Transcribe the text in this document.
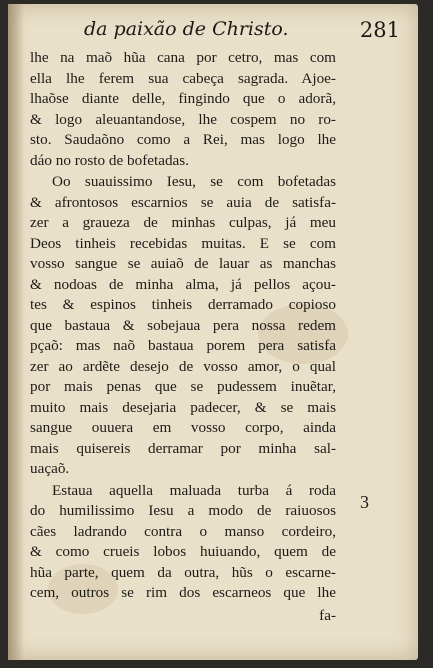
da paixão de Christo.	281
lhe na maõ hũa cana por cetro, mas com
ella lhe ferem sua cabeça sagrada. Ajoe-
lhaõse diante delle, fingindo que o adorã,
& logo aleuantandose, lhe cospem no ro-
sto. Saudaõno como a Rei, mas logo lhe
dáo no rosto de bofetadas.
Oo suauissimo Iesu, se com bofetadas
& afrontosos escarnios se auia de satisfa-
zer a graueza de minhas culpas, já meu
Deos tinheis recebidas muitas. E se com
vosso sangue se auiaõ de lauar as manchas
& nodoas de minha alma, já pellos açou-
tes & espinos tinheis derramado copioso
que bastaua & sobejaua pera nossa redem
pçaõ: mas naõ bastaua porem pera satisfa
zer ao ardẽte desejo de vosso amor, o qual
por mais penas que se pudessem inuẽtar,
muito mais desejaria padecer, & se mais
sangue ouuera em vosso corpo, ainda
mais quisereis derramar por minha sal-
uaçaõ.
Estaua aquella maluada turba á roda
do humilissimo Iesu a modo de raiuosos
cães ladrando contra o manso cordeiro,
& como crueis lobos huiuando, quem de
hũa parte, quem da outra, hũs o escarne-
cem, outros se rim dos escarneos que lhe
fa-
3
